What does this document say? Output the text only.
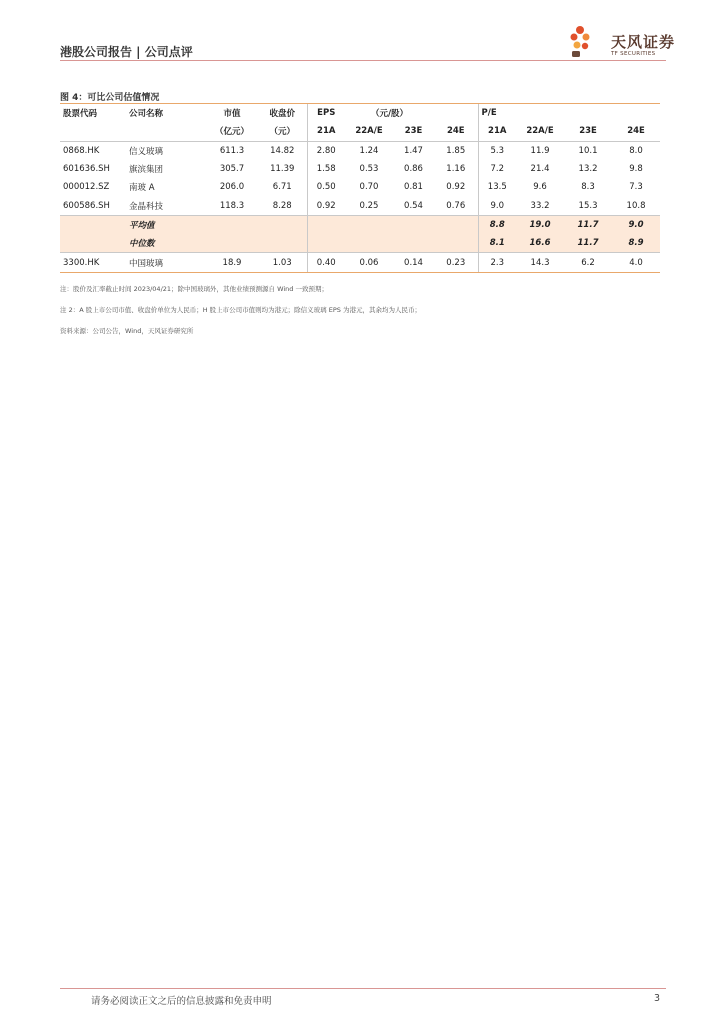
港股公司报告 | 公司点评
天风证券
TF SECURITIES
图 4：可比公司估值情况
股票代码	公司名称	市值	收盘价	EPS	（元/股）			P/E			
		（亿元）	（元）	21A	22A/E	23E	24E	21A	22A/E	23E	24E
0868.HK	信义玻璃	611.3	14.82	2.80	1.24	1.47	1.85	5.3	11.9	10.1	8.0
601636.SH	旗滨集团	305.7	11.39	1.58	0.53	0.86	1.16	7.2	21.4	13.2	9.8
000012.SZ	南玻 A	206.0	6.71	0.50	0.70	0.81	0.92	13.5	9.6	8.3	7.3
600586.SH	金晶科技	118.3	8.28	0.92	0.25	0.54	0.76	9.0	33.2	15.3	10.8
	平均值							8.8	19.0	11.7	9.0
	中位数							8.1	16.6	11.7	8.9
3300.HK	中国玻璃	18.9	1.03	0.40	0.06	0.14	0.23	2.3	14.3	6.2	4.0
注：股价及汇率截止时间 2023/04/21；除中国玻璃外，其他业绩预测源自 Wind 一致预期；
注 2：A 股上市公司市值、收盘价单位为人民币；H 股上市公司市值则均为港元；除信义玻璃 EPS 为港元，其余均为人民币；
资料来源：公司公告，Wind，天风证券研究所
请务必阅读正文之后的信息披露和免责申明	3
